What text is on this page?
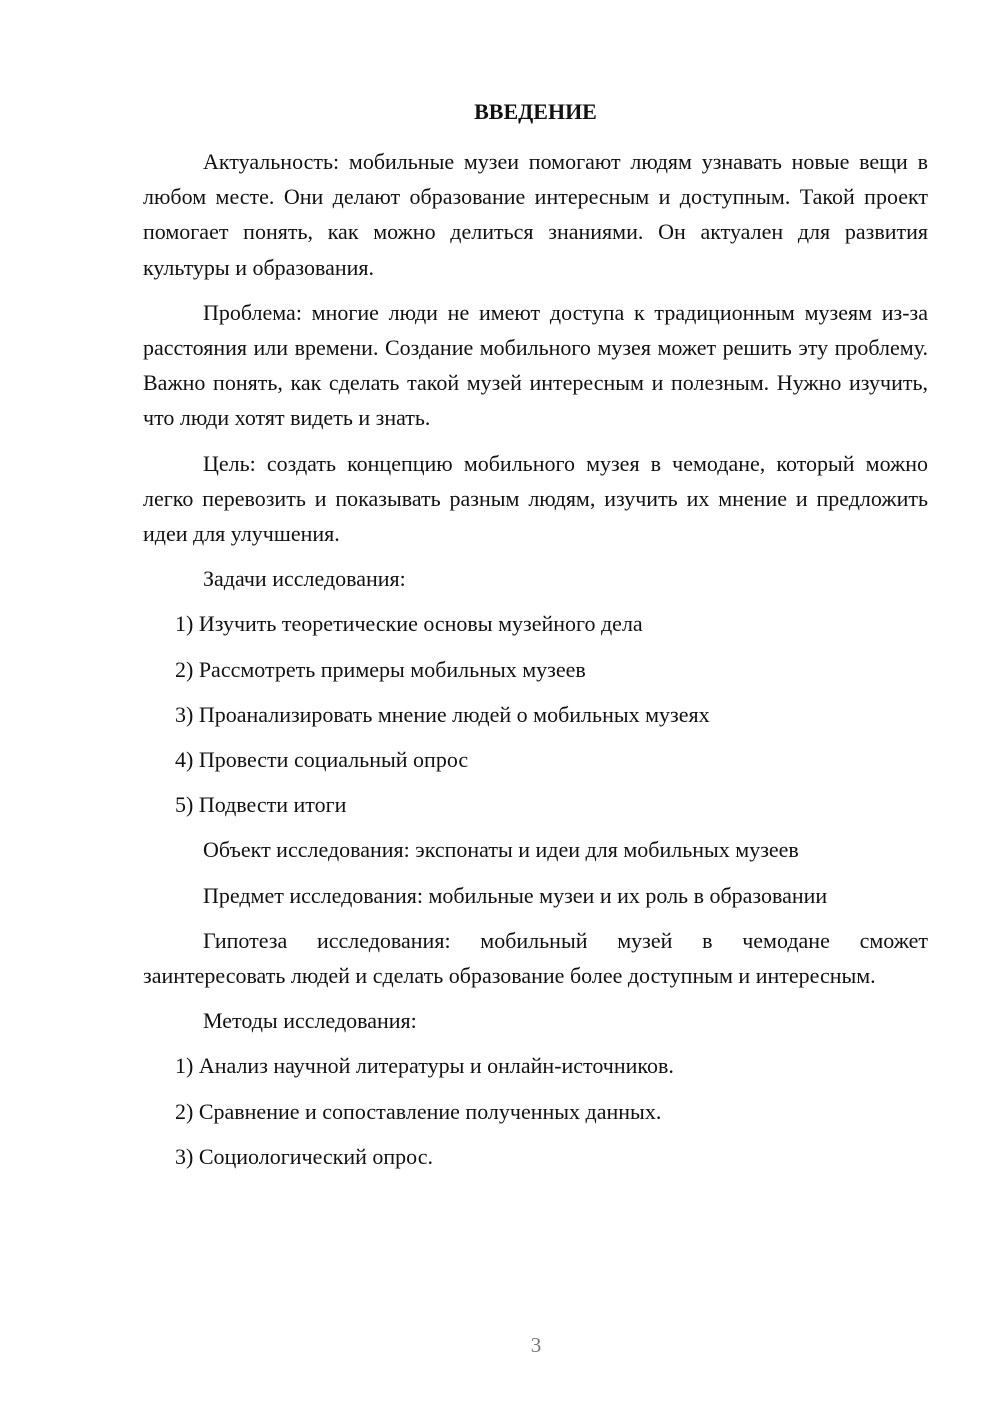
ВВЕДЕНИЕ

Актуальность: мобильные музеи помогают людям узнавать новые вещи в любом месте. Они делают образование интересным и доступным. Такой проект помогает понять, как можно делиться знаниями. Он актуален для развития культуры и образования.

Проблема: многие люди не имеют доступа к традиционным музеям из-за расстояния или времени. Создание мобильного музея может решить эту проблему. Важно понять, как сделать такой музей интересным и полезным. Нужно изучить, что люди хотят видеть и знать.

Цель: создать концепцию мобильного музея в чемодане, который можно легко перевозить и показывать разным людям, изучить их мнение и предложить идеи для улучшения.

Задачи исследования:

1) Изучить теоретические основы музейного дела
2) Рассмотреть примеры мобильных музеев
3) Проанализировать мнение людей о мобильных музеях
4) Провести социальный опрос
5) Подвести итоги

Объект исследования: экспонаты и идеи для мобильных музеев

Предмет исследования: мобильные музеи и их роль в образовании

Гипотеза исследования: мобильный музей в чемодане сможет заинтересовать людей и сделать образование более доступным и интересным.

Методы исследования:

1) Анализ научной литературы и онлайн-источников.
2) Сравнение и сопоставление полученных данных.
3) Социологический опрос.
3
